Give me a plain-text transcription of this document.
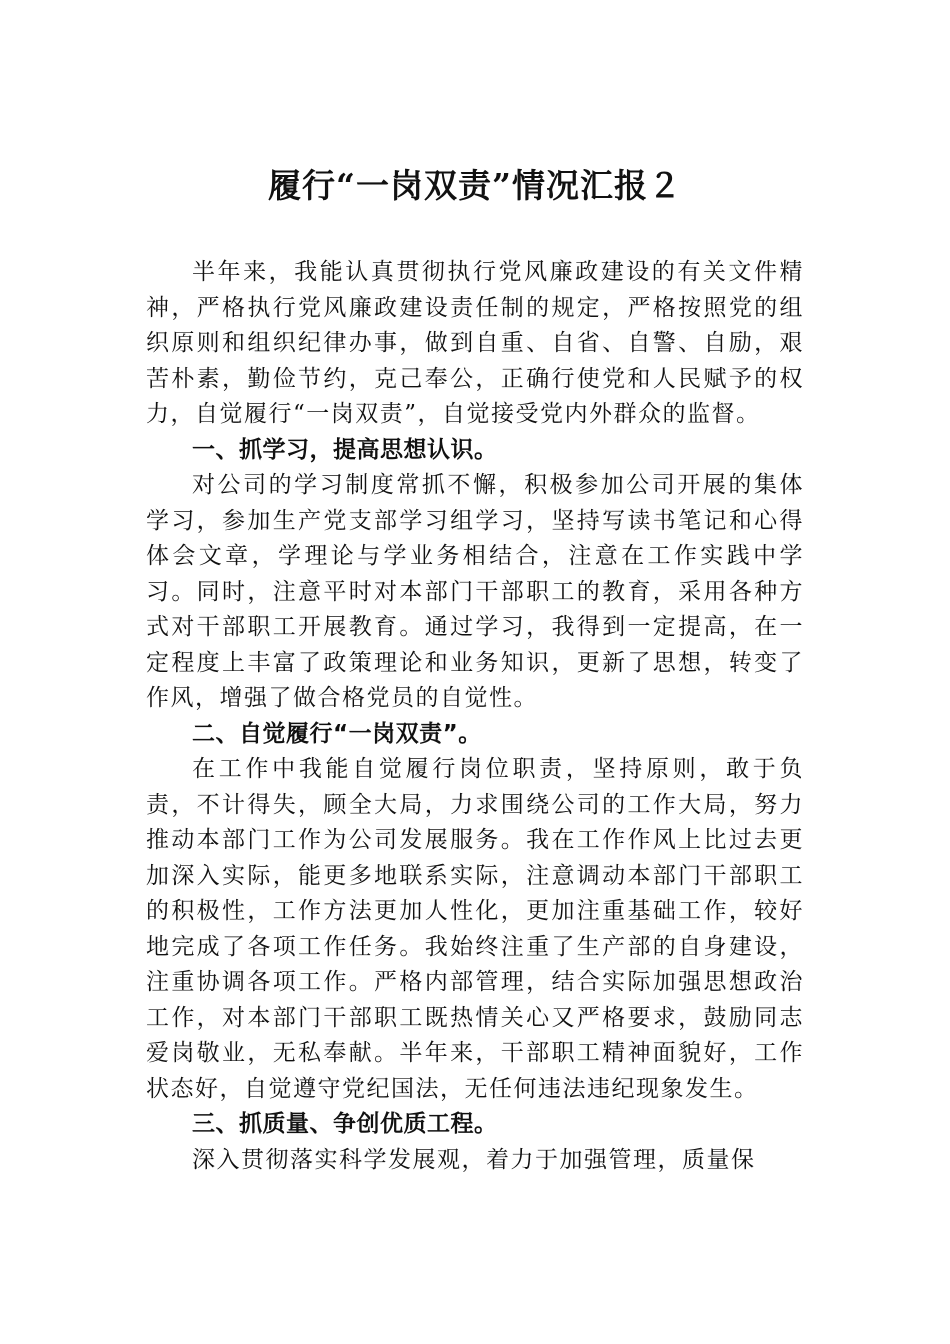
履行“一岗双责”情况汇报２

半年来，我能认真贯彻执行党风廉政建设的有关文件精神，严格执行党风廉政建设责任制的规定，严格按照党的组织原则和组织纪律办事，做到自重、自省、自警、自励，艰苦朴素，勤俭节约，克己奉公，正确行使党和人民赋予的权力，自觉履行“一岗双责”，自觉接受党内外群众的监督。

一、抓学习，提高思想认识。

对公司的学习制度常抓不懈，积极参加公司开展的集体学习，参加生产党支部学习组学习，坚持写读书笔记和心得体会文章，学理论与学业务相结合，注意在工作实践中学习。同时，注意平时对本部门干部职工的教育，采用各种方式对干部职工开展教育。通过学习，我得到一定提高，在一定程度上丰富了政策理论和业务知识，更新了思想，转变了作风，增强了做合格党员的自觉性。

二、自觉履行“一岗双责”。

在工作中我能自觉履行岗位职责，坚持原则，敢于负责，不计得失，顾全大局，力求围绕公司的工作大局，努力推动本部门工作为公司发展服务。我在工作作风上比过去更加深入实际，能更多地联系实际，注意调动本部门干部职工的积极性，工作方法更加人性化，更加注重基础工作，较好地完成了各项工作任务。我始终注重了生产部的自身建设，注重协调各项工作。严格内部管理，结合实际加强思想政治工作，对本部门干部职工既热情关心又严格要求，鼓励同志爱岗敬业，无私奉献。半年来，干部职工精神面貌好，工作状态好，自觉遵守党纪国法，无任何违法违纪现象发生。

三、抓质量、争创优质工程。

深入贯彻落实科学发展观，着力于加强管理，质量保
